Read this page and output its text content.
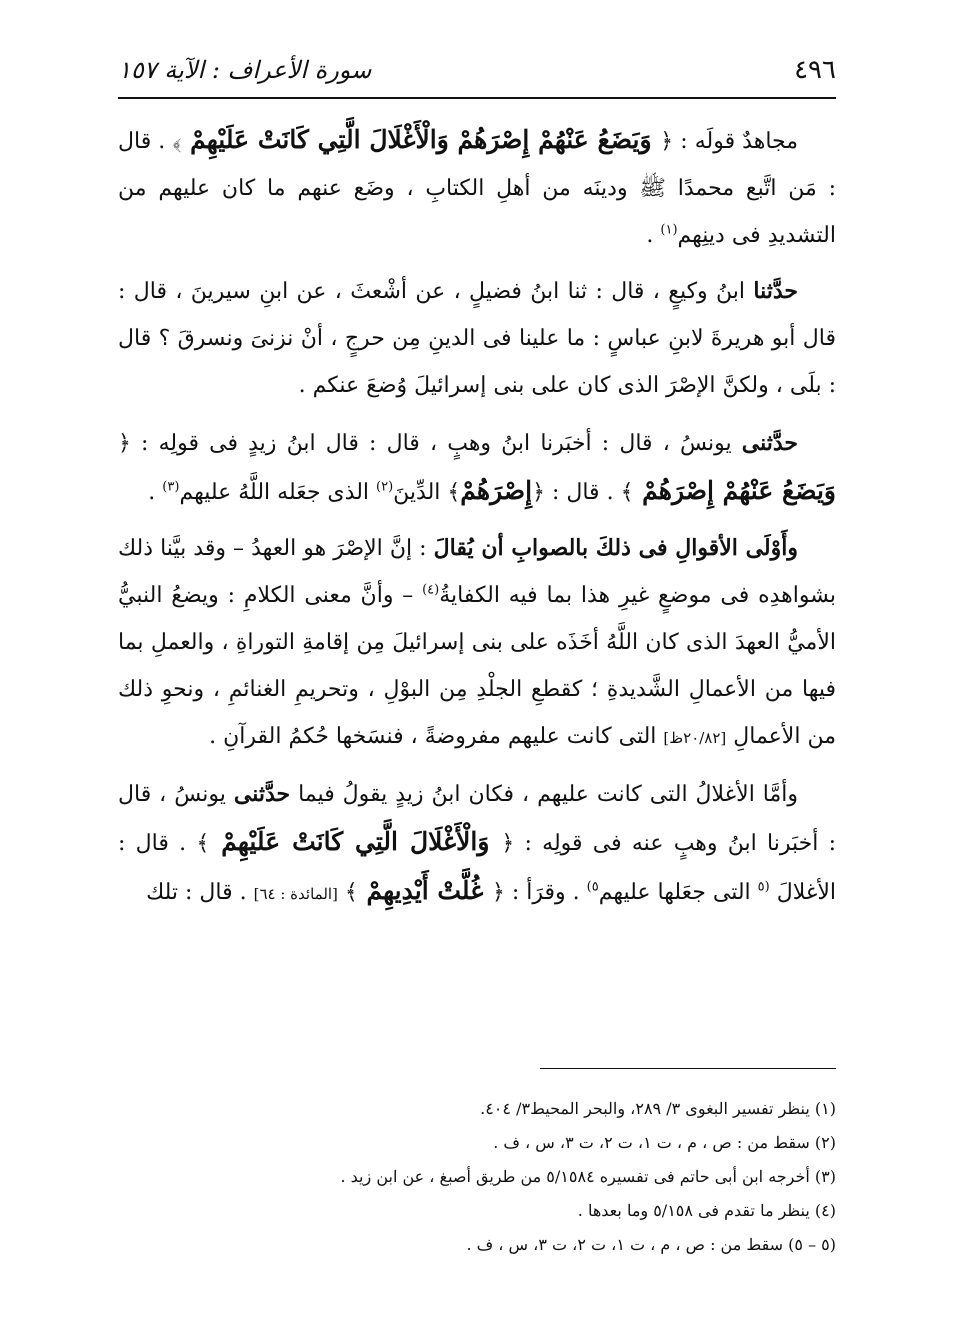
٤٩٦
سورة الأعراف : الآية ١٥٧

مجاهدٌ قولَه : ﴿ وَيَضَعُ عَنْهُمْ إِصْرَهُمْ وَالْأَغْلَالَ الَّتِي كَانَتْ عَلَيْهِمْ ﴾ . قال : مَن اتَّبع محمدًا ﷺ ودينَه من أهلِ الكتابِ ، وضَع عنهم ما كان عليهم من التشديدِ فى دينِهم$^{(١)}$ .

حدَّثنا ابنُ وكيعٍ ، قال : ثنا ابنُ فضيلٍ ، عن أشْعثَ ، عن ابنِ سيرينَ ، قال : قال أبو هريرةَ لابنِ عباسٍ : ما علينا فى الدينِ مِن حرجٍ ، أنْ نزنىَ ونسرقَ ؟ قال : بلَى ، ولكنَّ الإصْرَ الذى كان على بنى إسرائيلَ وُضعَ عنكم .

حدَّثنى يونسُ ، قال : أخبَرنا ابنُ وهبٍ ، قال : قال ابنُ زيدٍ فى قولِه : ﴿ وَيَضَعُ عَنْهُمْ إِصْرَهُمْ ﴾ . قال : ﴿إِصْرَهُمْ﴾ الدِّينَ$^{(٢)}$ الذى جعَله اللَّهُ عليهم$^{(٣)}$ .

وأَوْلَى الأقوالِ فى ذلكَ بالصوابِ أن يُقالَ : إنَّ الإصْرَ هو العهدُ – وقد بيَّنا ذلك بشواهدِه فى موضعٍ غيرِ هذا بما فيه الكفايةُ$^{(٤)}$ – وأنَّ معنى الكلامِ : ويضعُ النبيُّ الأميُّ العهدَ الذى كان اللَّهُ أخَذَه على بنى إسرائيلَ مِن إقامةِ التوراةِ ، والعملِ بما فيها من الأعمالِ الشَّديدةِ ؛ كقطعِ الجلْدِ مِن البوْلِ ، وتحريمِ الغنائمِ ، ونحوِ ذلك من الأعمالِ [٢٠/٨٢ظ] التى كانت عليهم مفروضةً ، فنسَخها حُكمُ القرآنِ .

وأمَّا الأغلالُ التى كانت عليهم ، فكان ابنُ زيدٍ يقولُ فيما حدَّثنى يونسُ ، قال : أخبَرنا ابنُ وهبٍ عنه فى قولِه : ﴿ وَالْأَغْلَالَ الَّتِي كَانَتْ عَلَيْهِمْ ﴾ . قال : الأغلالَ $^{(٥}$ التى جعَلها عليهم$^{٥)}$ . وقرَأ : ﴿ غُلَّتْ أَيْدِيهِمْ ﴾ [المائدة : ٦٤] . قال : تلك

(١) ينظر تفسير البغوى ٣/ ٢٨٩، والبحر المحيط٣/ ٤٠٤.

(٢) سقط من : ص ، م ، ت ١، ت ٢، ت ٣، س ، ف .

(٣) أخرجه ابن أبى حاتم فى تفسيره ٥/١٥٨٤ من طريق أصبغ ، عن ابن زيد .

(٤) ينظر ما تقدم فى ٥/١٥٨ وما بعدها .

(٥ – ٥) سقط من : ص ، م ، ت ١، ت ٢، ت ٣، س ، ف .
